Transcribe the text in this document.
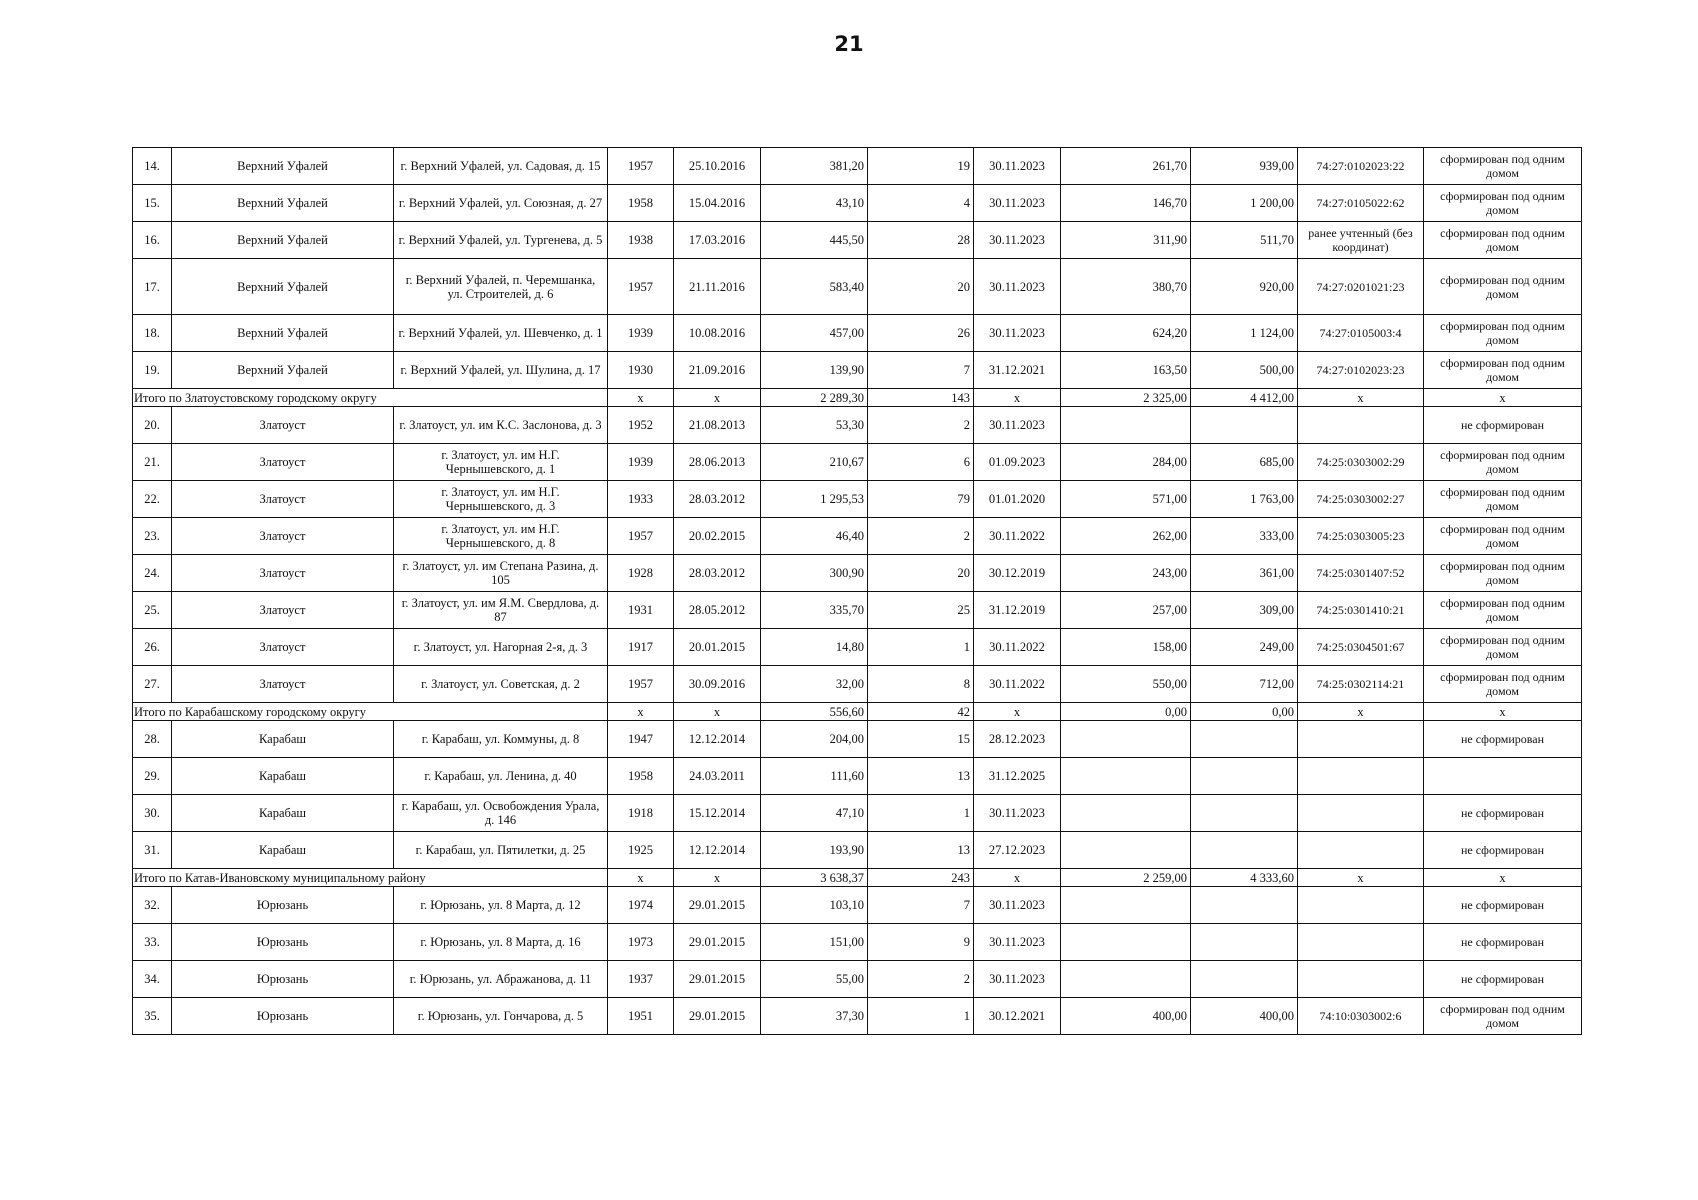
21
14.	Верхний Уфалей	г. Верхний Уфалей, ул. Садовая, д. 15	1957	25.10.2016	381,20	19	30.11.2023	261,70	939,00	74:27:0102023:22	сформирован под одним домом
15.	Верхний Уфалей	г. Верхний Уфалей, ул. Союзная, д. 27	1958	15.04.2016	43,10	4	30.11.2023	146,70	1 200,00	74:27:0105022:62	сформирован под одним домом
16.	Верхний Уфалей	г. Верхний Уфалей, ул. Тургенева, д. 5	1938	17.03.2016	445,50	28	30.11.2023	311,90	511,70	ранее учтенный (без координат)	сформирован под одним домом
17.	Верхний Уфалей	г. Верхний Уфалей, п. Черемшанка, ул. Строителей, д. 6	1957	21.11.2016	583,40	20	30.11.2023	380,70	920,00	74:27:0201021:23	сформирован под одним домом
18.	Верхний Уфалей	г. Верхний Уфалей, ул. Шевченко, д. 1	1939	10.08.2016	457,00	26	30.11.2023	624,20	1 124,00	74:27:0105003:4	сформирован под одним домом
19.	Верхний Уфалей	г. Верхний Уфалей, ул. Шулина, д. 17	1930	21.09.2016	139,90	7	31.12.2021	163,50	500,00	74:27:0102023:23	сформирован под одним домом
Итого по Златоустовскому городскому округу			х	х	2 289,30	143	х	2 325,00	4 412,00	х	х
20.	Златоуст	г. Златоуст, ул. им К.С. Заслонова, д. 3	1952	21.08.2013	53,30	2	30.11.2023				не сформирован
21.	Златоуст	г. Златоуст, ул. им Н.Г. Чернышевского, д. 1	1939	28.06.2013	210,67	6	01.09.2023	284,00	685,00	74:25:0303002:29	сформирован под одним домом
22.	Златоуст	г. Златоуст, ул. им Н.Г. Чернышевского, д. 3	1933	28.03.2012	1 295,53	79	01.01.2020	571,00	1 763,00	74:25:0303002:27	сформирован под одним домом
23.	Златоуст	г. Златоуст, ул. им Н.Г. Чернышевского, д. 8	1957	20.02.2015	46,40	2	30.11.2022	262,00	333,00	74:25:0303005:23	сформирован под одним домом
24.	Златоуст	г. Златоуст, ул. им Степана Разина, д. 105	1928	28.03.2012	300,90	20	30.12.2019	243,00	361,00	74:25:0301407:52	сформирован под одним домом
25.	Златоуст	г. Златоуст, ул. им Я.М. Свердлова, д. 87	1931	28.05.2012	335,70	25	31.12.2019	257,00	309,00	74:25:0301410:21	сформирован под одним домом
26.	Златоуст	г. Златоуст, ул. Нагорная 2-я, д. 3	1917	20.01.2015	14,80	1	30.11.2022	158,00	249,00	74:25:0304501:67	сформирован под одним домом
27.	Златоуст	г. Златоуст, ул. Советская, д. 2	1957	30.09.2016	32,00	8	30.11.2022	550,00	712,00	74:25:0302114:21	сформирован под одним домом
Итого по Карабашскому городскому округу			х	х	556,60	42	х	0,00	0,00	х	х
28.	Карабаш	г. Карабаш, ул. Коммуны, д. 8	1947	12.12.2014	204,00	15	28.12.2023				не сформирован
29.	Карабаш	г. Карабаш, ул. Ленина, д. 40	1958	24.03.2011	111,60	13	31.12.2025				
30.	Карабаш	г. Карабаш, ул. Освобождения Урала, д. 146	1918	15.12.2014	47,10	1	30.11.2023				не сформирован
31.	Карабаш	г. Карабаш, ул. Пятилетки, д. 25	1925	12.12.2014	193,90	13	27.12.2023				не сформирован
Итого по Катав-Ивановскому муниципальному району			х	х	3 638,37	243	х	2 259,00	4 333,60	х	х
32.	Юрюзань	г. Юрюзань, ул. 8 Марта, д. 12	1974	29.01.2015	103,10	7	30.11.2023				не сформирован
33.	Юрюзань	г. Юрюзань, ул. 8 Марта, д. 16	1973	29.01.2015	151,00	9	30.11.2023				не сформирован
34.	Юрюзань	г. Юрюзань, ул. Абражанова, д. 11	1937	29.01.2015	55,00	2	30.11.2023				не сформирован
35.	Юрюзань	г. Юрюзань, ул. Гончарова, д. 5	1951	29.01.2015	37,30	1	30.12.2021	400,00	400,00	74:10:0303002:6	сформирован под одним домом
